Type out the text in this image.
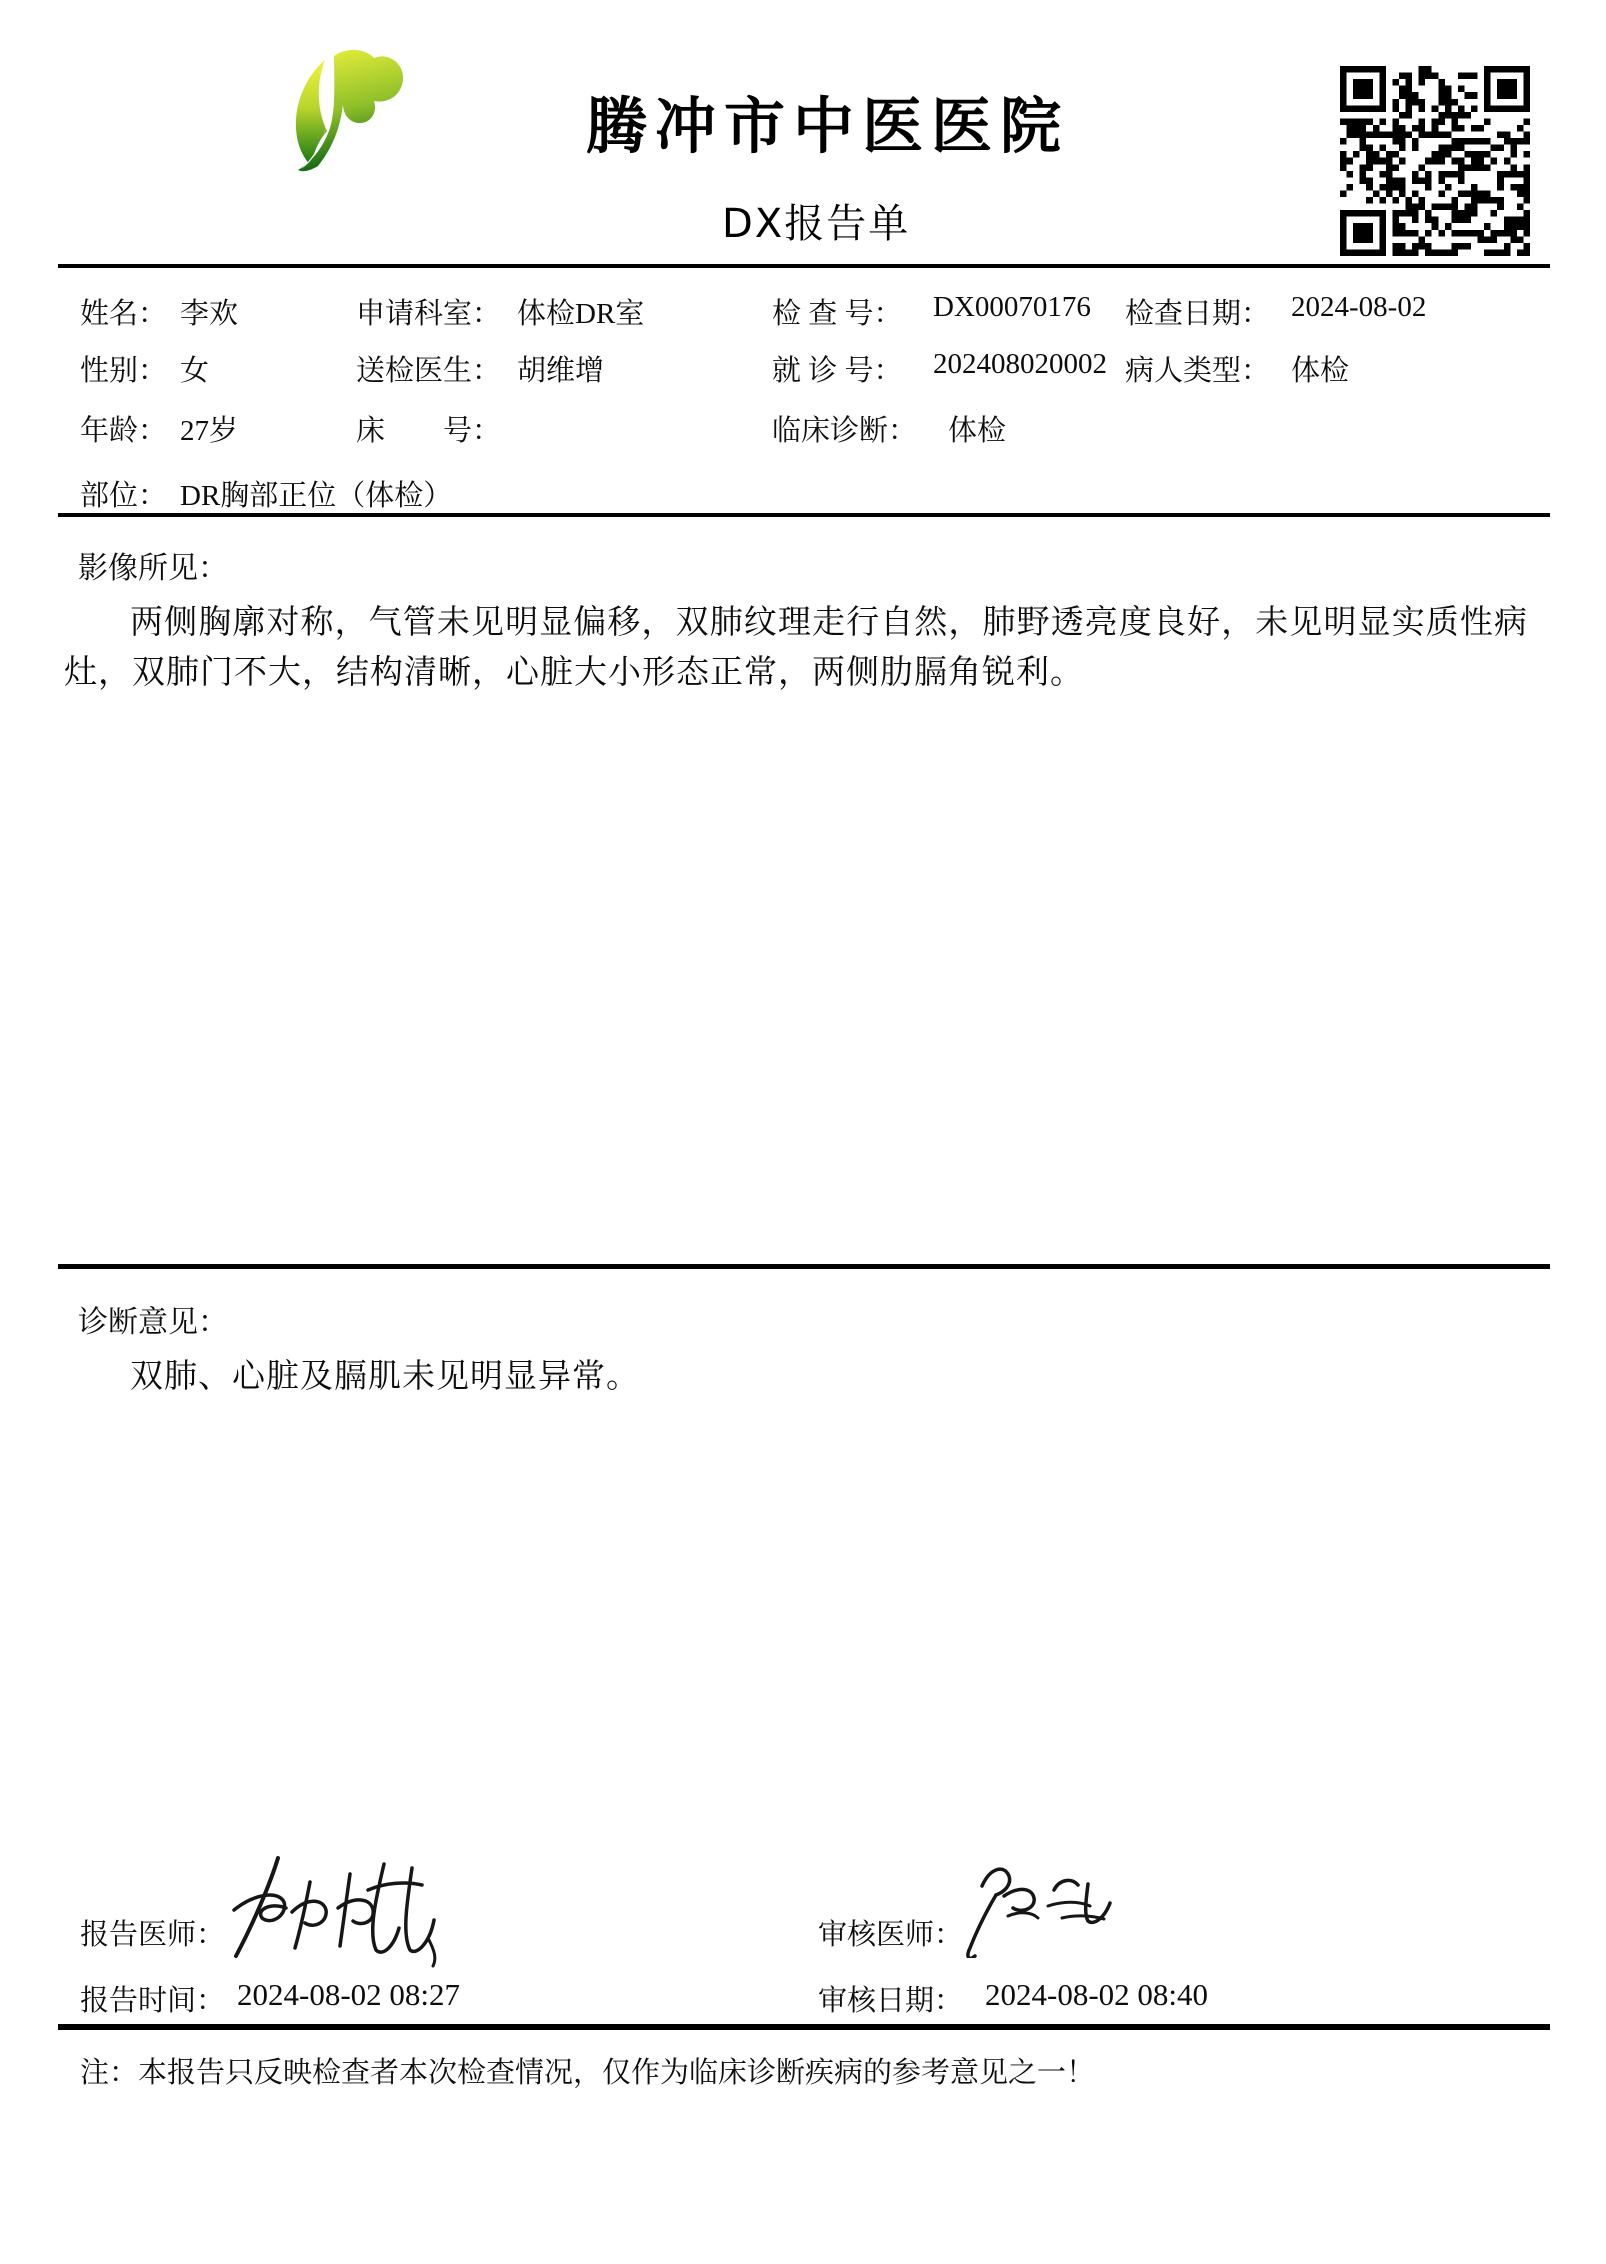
腾冲市中医医院
DX报告单
姓名： 李欢	申请科室： 体检DR室	检 查 号： DX00070176 检查日期： 2024-08-02
性别： 女	送检医生： 胡维增	就 诊 号： 202408020002 病人类型： 体检
年龄： 27岁	床　　号：	临床诊断： 体检
部位： DR胸部正位（体检）
影像所见：
两侧胸廓对称，气管未见明显偏移，双肺纹理走行自然，肺野透亮度良好，未见明显实质性病灶，双肺门不大，结构清晰，心脏大小形态正常，两侧肋膈角锐利。
诊断意见：
双肺、心脏及膈肌未见明显异常。
报告医师：
报告时间： 2024-08-02 08:27
审核医师：
审核日期： 2024-08-02 08:40
注：本报告只反映检查者本次检查情况，仅作为临床诊断疾病的参考意见之一！
